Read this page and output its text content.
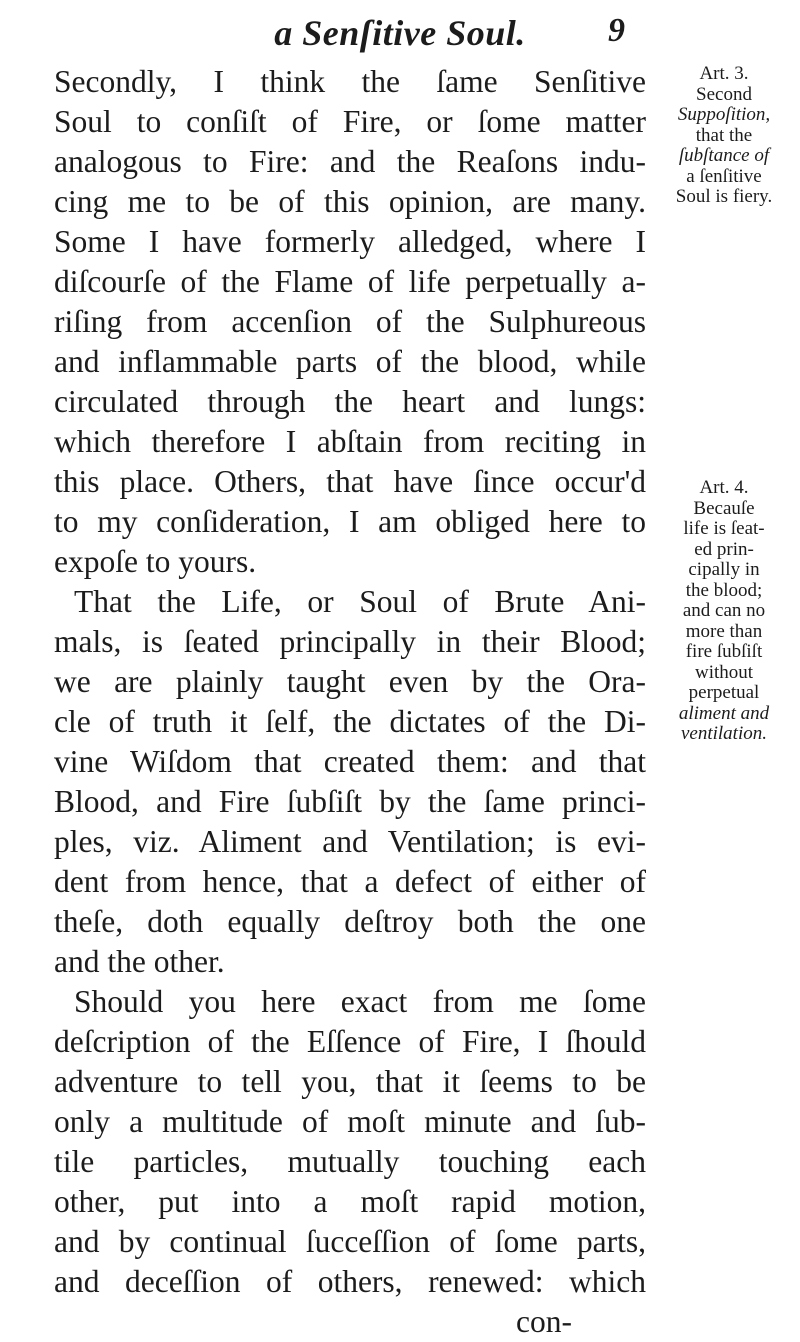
a Senſitive Soul.	9
Secondly, I think the ſame Senſitive
Soul to conſiſt of Fire, or ſome matter
analogous to Fire: and the Reaſons indu-
cing me to be of this opinion, are many.
Some I have formerly alledged, where I
diſcourſe of the Flame of life perpetually a-
riſing from accenſion of the Sulphureous
and inflammable parts of the blood, while
circulated through the heart and lungs:
which therefore I abſtain from reciting in
this place. Others, that have ſince occur'd
to my conſideration, I am obliged here to
expoſe to yours.
That the Life, or Soul of Brute Ani-
mals, is ſeated principally in their Blood;
we are plainly taught even by the Ora-
cle of truth it ſelf, the dictates of the Di-
vine Wiſdom that created them: and that
Blood, and Fire ſubſiſt by the ſame princi-
ples, viz. Aliment and Ventilation; is evi-
dent from hence, that a defect of either of
theſe, doth equally deſtroy both the one
and the other.
Should you here exact from me ſome
deſcription of the Eſſence of Fire, I ſhould
adventure to tell you, that it ſeems to be
only a multitude of moſt minute and ſub-
tile particles, mutually touching each
other, put into a moſt rapid motion,
and by continual ſucceſſion of ſome parts,
and deceſſion of others, renewed: which
con-
Art. 3.
Second
Suppoſition,
that the
ſubſtance of
a ſenſitive
Soul is fiery.
Art. 4.
Becauſe
life is ſeat-
ed prin-
cipally in
the blood;
and can no
more than
fire ſubſiſt
without
perpetual
aliment and
ventilation.
